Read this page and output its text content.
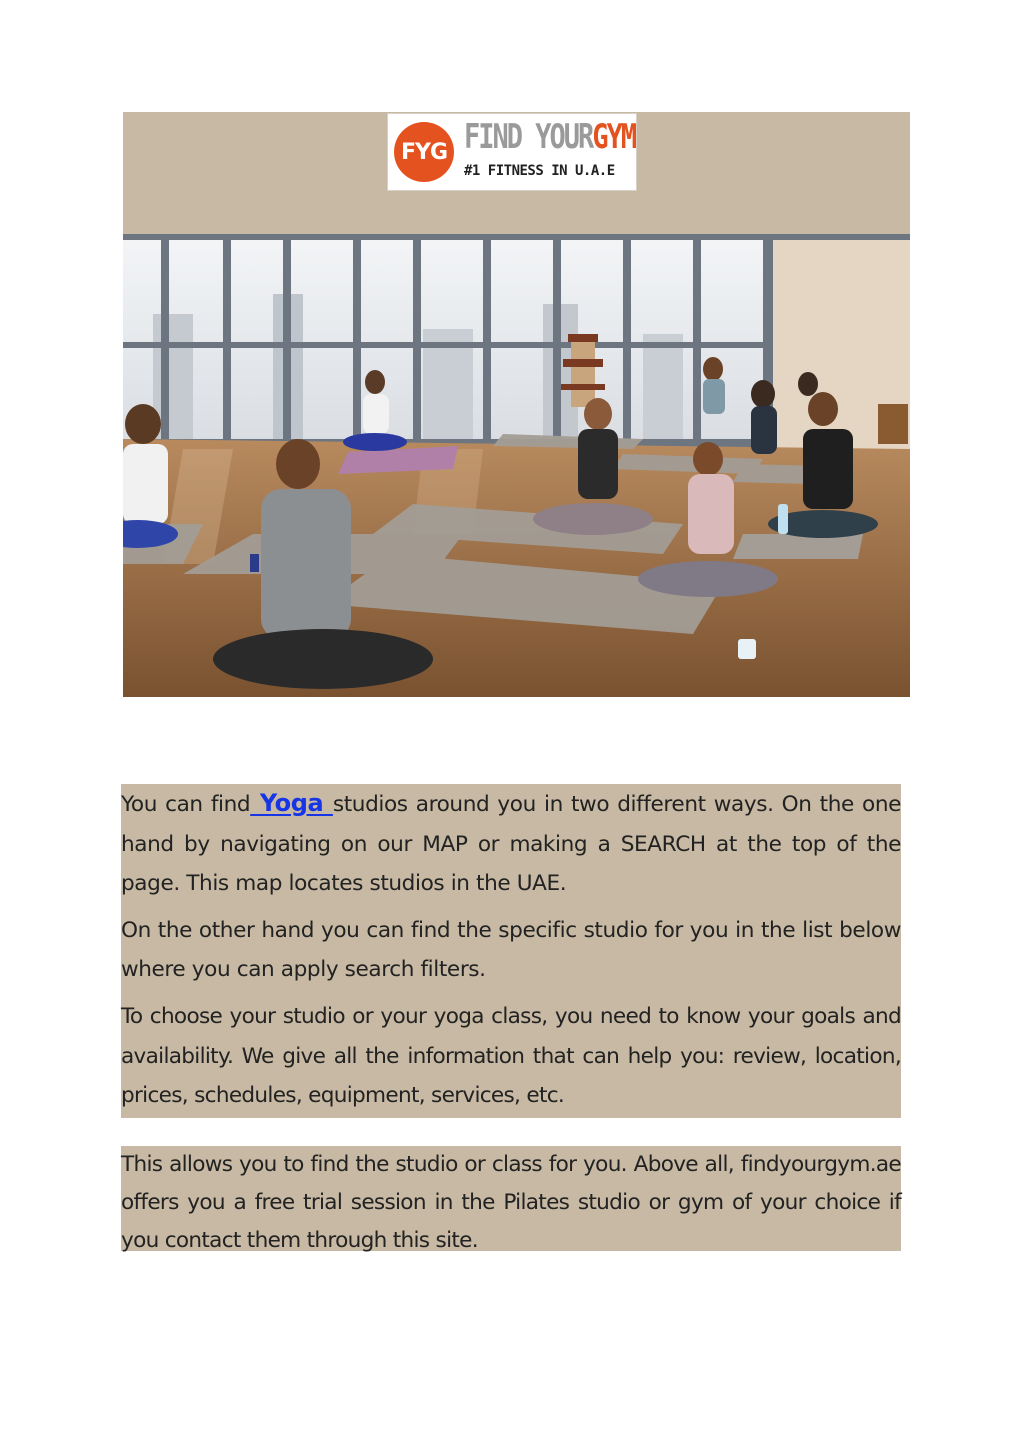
FYG FIND YOURGYM
#1 FITNESS IN U.A.E

You can find Yoga studios around you in two different ways. On the one hand by navigating on our MAP or making a SEARCH at the top of the page. This map locates studios in the UAE.

On the other hand you can find the specific studio for you in the list below where you can apply search filters.

To choose your studio or your yoga class, you need to know your goals and availability. We give all the information that can help you: review, location, prices, schedules, equipment, services, etc.

This allows you to find the studio or class for you. Above all, findyourgym.ae offers you a free trial session in the Pilates studio or gym of your choice if you contact them through this site.
